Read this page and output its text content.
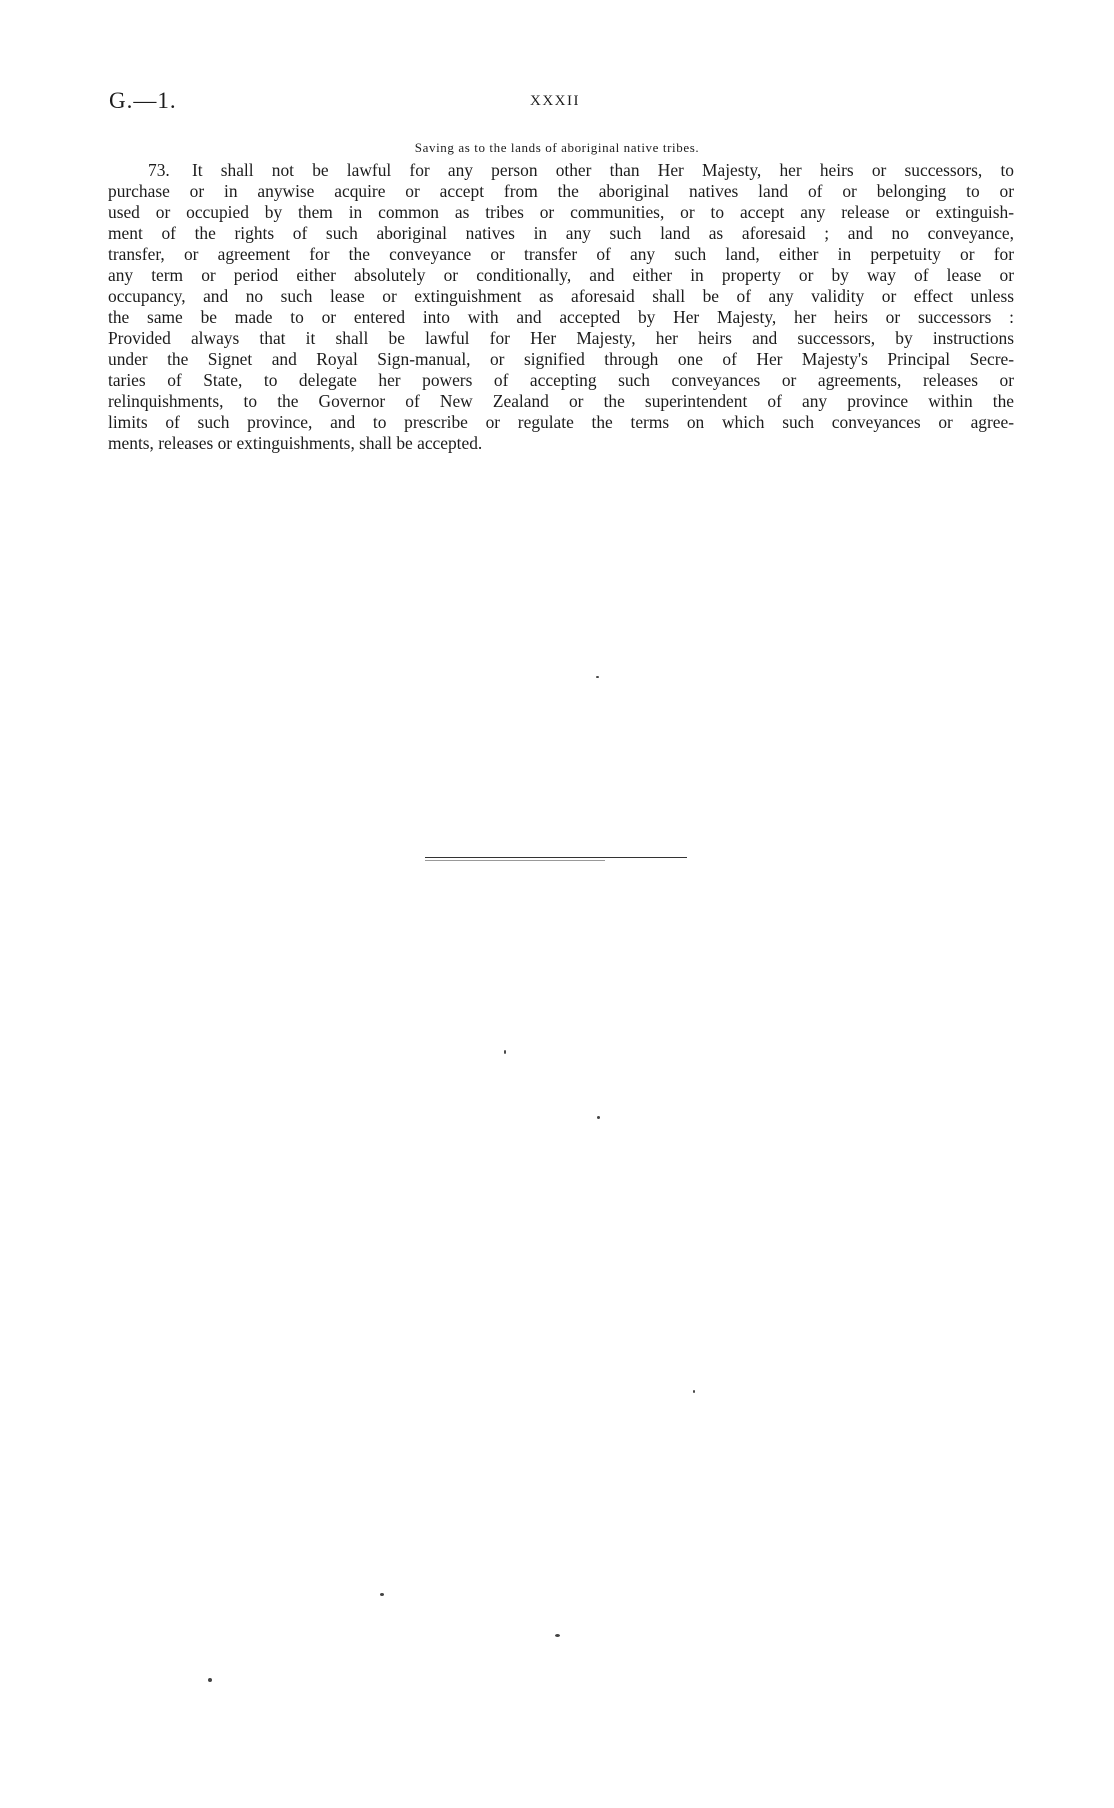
G.—1.	XXXII
Saving as to the lands of aboriginal native tribes.
73. It shall not be lawful for any person other than Her Majesty, her heirs or successors, to
purchase or in anywise acquire or accept from the aboriginal natives land of or belonging to or
used or occupied by them in common as tribes or communities, or to accept any release or extinguish-
ment of the rights of such aboriginal natives in any such land as aforesaid ; and no conveyance,
transfer, or agreement for the conveyance or transfer of any such land, either in perpetuity or for
any term or period either absolutely or conditionally, and either in property or by way of lease or
occupancy, and no such lease or extinguishment as aforesaid shall be of any validity or effect unless
the same be made to or entered into with and accepted by Her Majesty, her heirs or successors :
Provided always that it shall be lawful for Her Majesty, her heirs and successors, by instructions
under the Signet and Royal Sign-manual, or signified through one of Her Majesty's Principal Secre-
taries of State, to delegate her powers of accepting such conveyances or agreements, releases or
relinquishments, to the Governor of New Zealand or the superintendent of any province within the
limits of such province, and to prescribe or regulate the terms on which such conveyances or agree-
ments, releases or extinguishments, shall be accepted.
